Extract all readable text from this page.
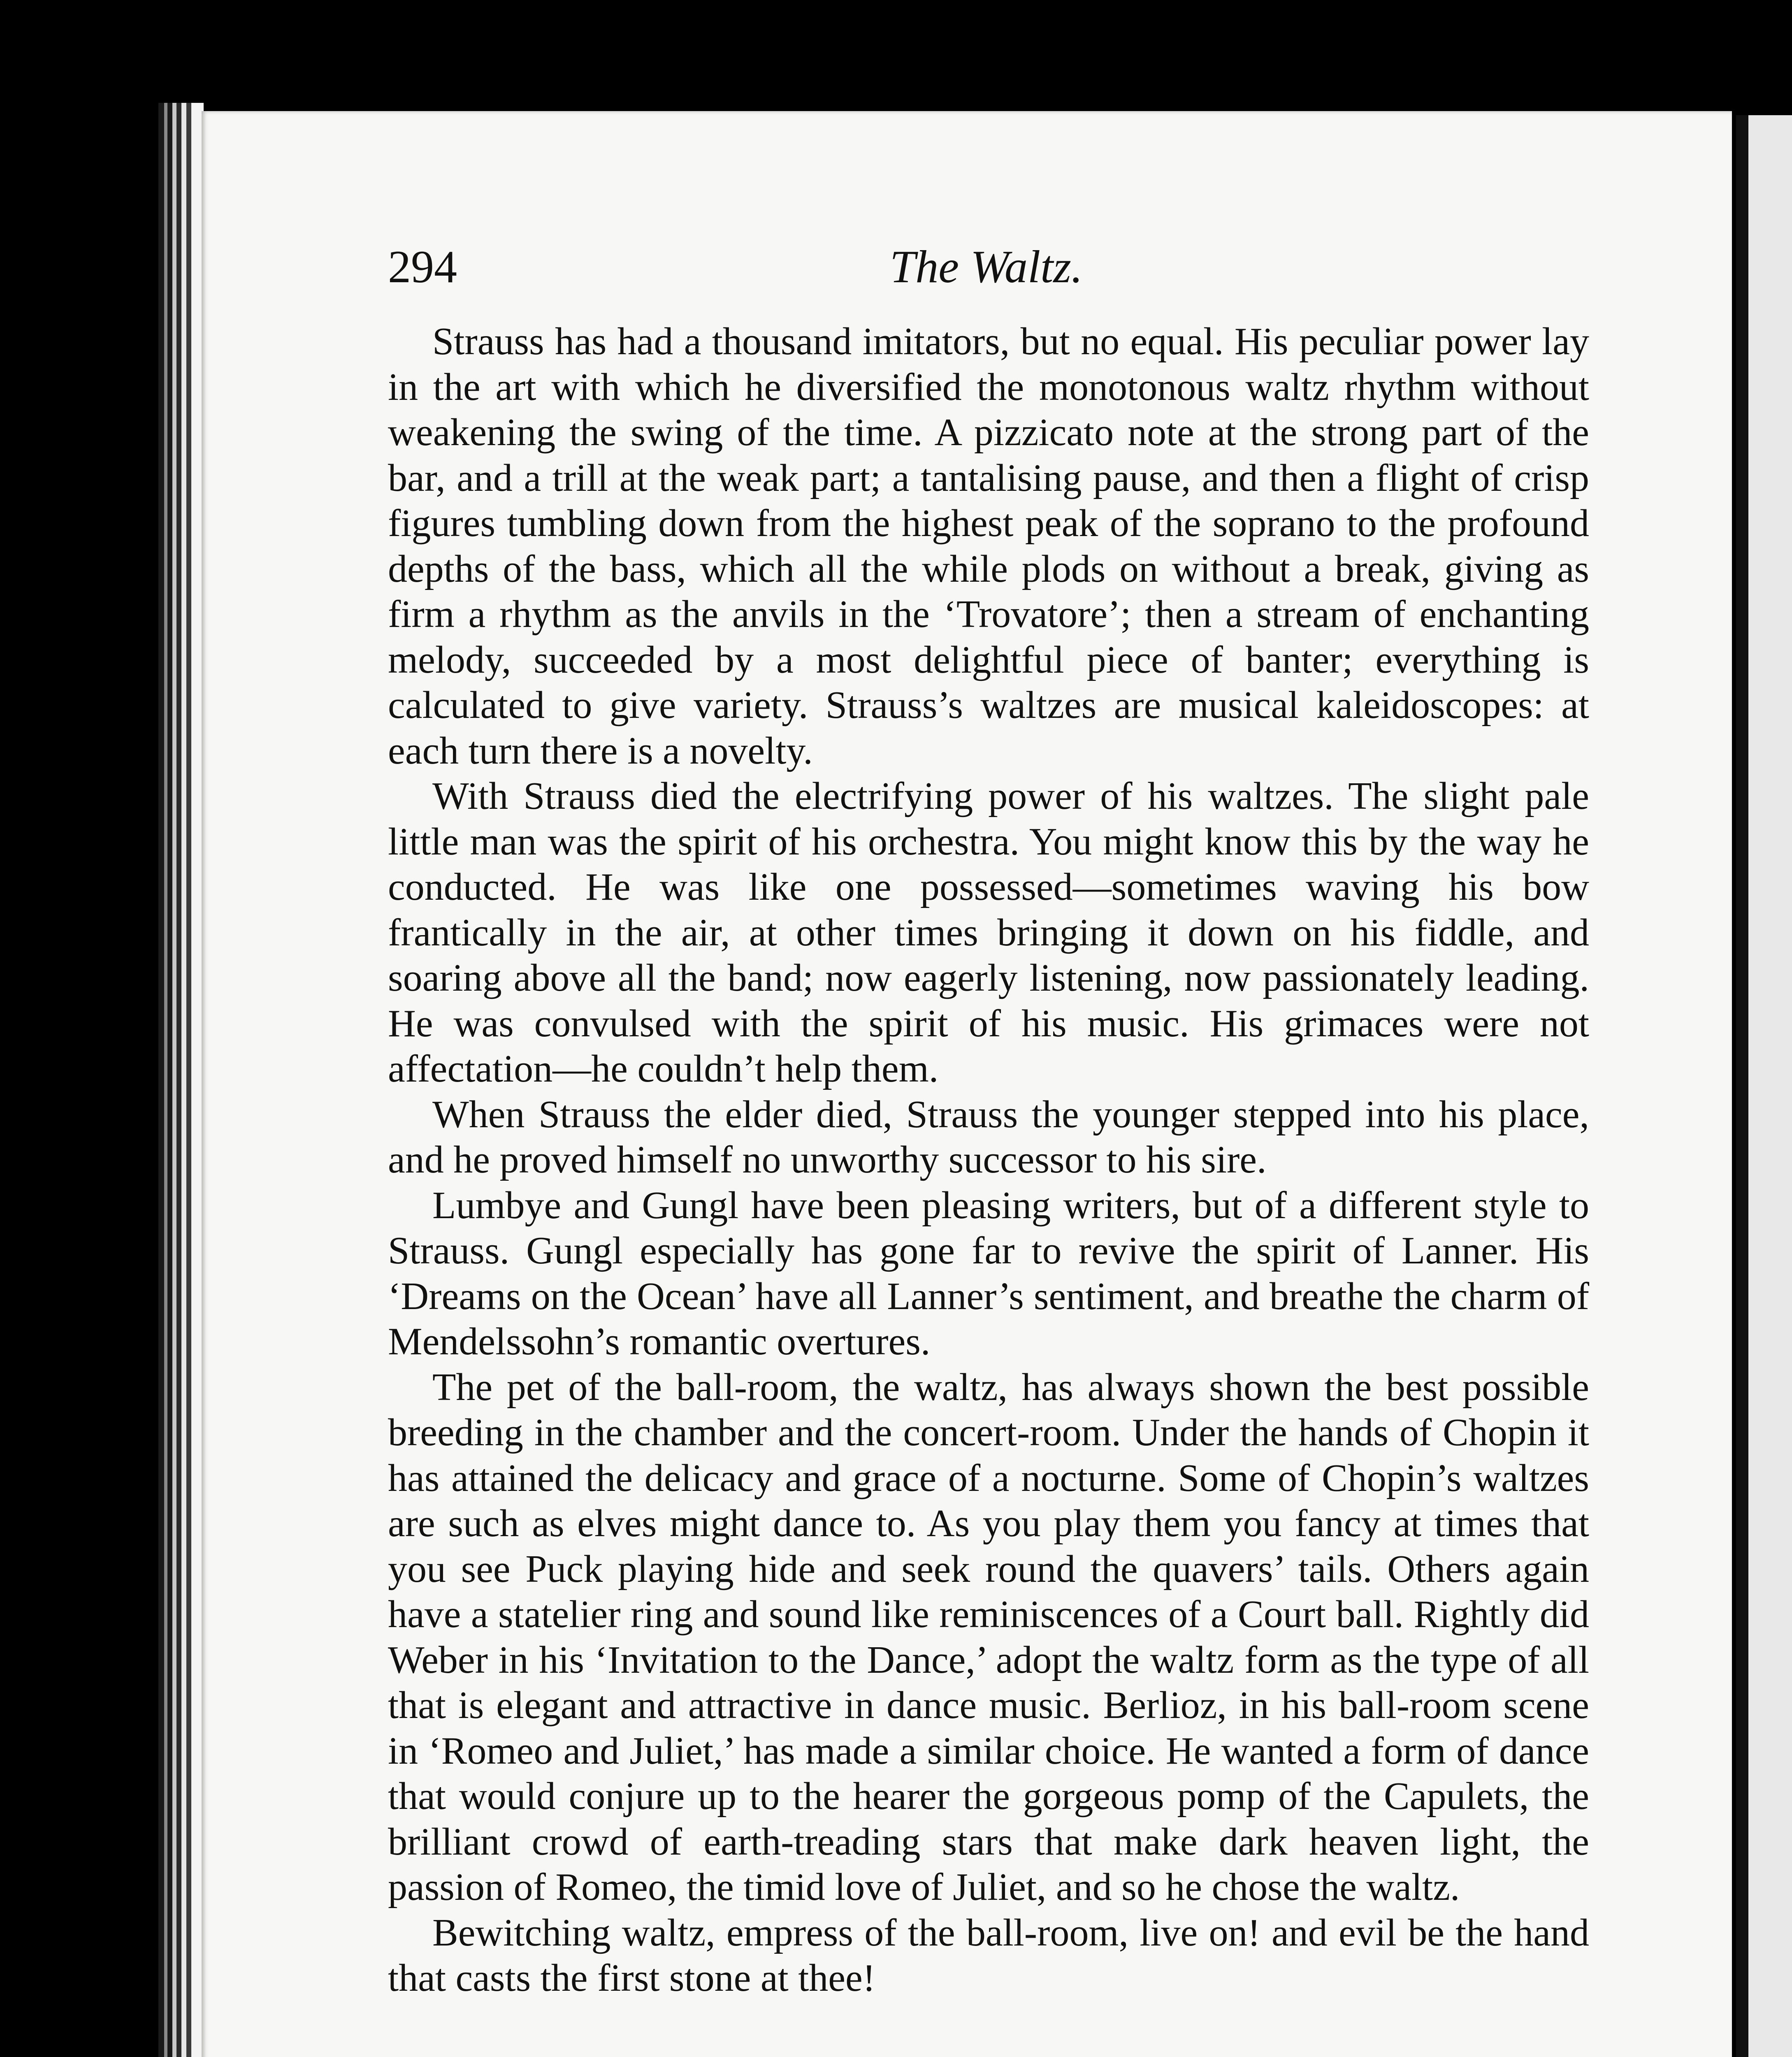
294	The Waltz.

Strauss has had a thousand imitators, but no equal. His peculiar power lay in the art with which he diversified the monotonous waltz rhythm without weakening the swing of the time. A pizzicato note at the strong part of the bar, and a trill at the weak part; a tantalising pause, and then a flight of crisp figures tumbling down from the highest peak of the soprano to the profound depths of the bass, which all the while plods on without a break, giving as firm a rhythm as the anvils in the ‘Trovatore’; then a stream of enchanting melody, succeeded by a most delightful piece of banter; everything is calculated to give variety. Strauss’s waltzes are musical kaleidoscopes: at each turn there is a novelty.

With Strauss died the electrifying power of his waltzes. The slight pale little man was the spirit of his orchestra. You might know this by the way he conducted. He was like one possessed—sometimes waving his bow frantically in the air, at other times bringing it down on his fiddle, and soaring above all the band; now eagerly listening, now passionately leading. He was convulsed with the spirit of his music. His grimaces were not affectation—he couldn’t help them.

When Strauss the elder died, Strauss the younger stepped into his place, and he proved himself no unworthy successor to his sire.

Lumbye and Gungl have been pleasing writers, but of a different style to Strauss. Gungl especially has gone far to revive the spirit of Lanner. His ‘Dreams on the Ocean’ have all Lanner’s sentiment, and breathe the charm of Mendelssohn’s romantic overtures.

The pet of the ball-room, the waltz, has always shown the best possible breeding in the chamber and the concert-room. Under the hands of Chopin it has attained the delicacy and grace of a nocturne. Some of Chopin’s waltzes are such as elves might dance to. As you play them you fancy at times that you see Puck playing hide and seek round the quavers’ tails. Others again have a statelier ring and sound like reminiscences of a Court ball. Rightly did Weber in his ‘Invitation to the Dance,’ adopt the waltz form as the type of all that is elegant and attractive in dance music. Berlioz, in his ball-room scene in ‘Romeo and Juliet,’ has made a similar choice. He wanted a form of dance that would conjure up to the hearer the gorgeous pomp of the Capulets, the brilliant crowd of earth-treading stars that make dark heaven light, the passion of Romeo, the timid love of Juliet, and so he chose the waltz.

Bewitching waltz, empress of the ball-room, live on! and evil be the hand that casts the first stone at thee!
